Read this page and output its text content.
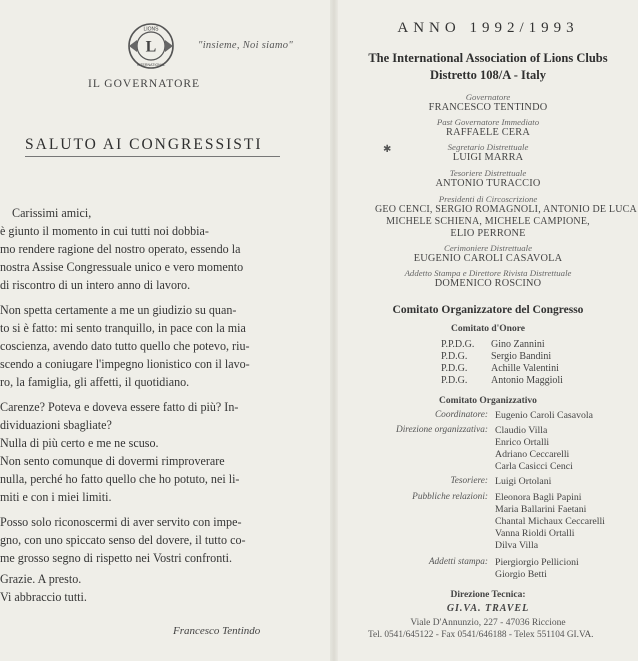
LIONS
INTERNATIONAL
L	"insieme, Noi siamo"
IL GOVERNATORE
SALUTO AI CONGRESSISTI
Carissimi amici,
è giunto il momento in cui tutti noi dobbia-
mo rendere ragione del nostro operato, essendo la
nostra Assise Congressuale unico e vero momento
di riscontro di un intero anno di lavoro.
Non spetta certamente a me un giudizio su quan-
to si è fatto: mi sento tranquillo, in pace con la mia
coscienza, avendo dato tutto quello che potevo, riu-
scendo a coniugare l'impegno lionistico con il lavo-
ro, la famiglia, gli affetti, il quotidiano.
Carenze? Poteva e doveva essere fatto di più? In-
dividuazioni sbagliate?
Nulla di più certo e me ne scuso.
Non sento comunque di dovermi rimproverare
nulla, perché ho fatto quello che ho potuto, nei li-
miti e con i miei limiti.
Posso solo riconoscermi di aver servito con impe-
gno, con uno spiccato senso del dovere, il tutto co-
me grosso segno di rispetto nei Vostri confronti.
Grazie. A presto.
Vi abbraccio tutti.
Francesco Tentindo
ANNO 1992/1993
The International Association of Lions Clubs
Distretto 108/A - Italy
Governatore
FRANCESCO TENTINDO
Past Governatore Immediato
RAFFAELE CERA
✱	Segretario Distrettuale
LUIGI MARRA
Tesoriere Distrettuale
ANTONIO TURACCIO
Presidenti di Circoscrizione
GEO CENCI, SERGIO ROMAGNOLI, ANTONIO DE LUCA
MICHELE SCHIENA, MICHELE CAMPIONE,
ELIO PERRONE
Cerimoniere Distrettuale
EUGENIO CAROLI CASAVOLA
Addetto Stampa e Direttore Rivista Distrettuale
DOMENICO ROSCINO
Comitato Organizzatore del Congresso
Comitato d'Onore
P.P.D.G. Gino Zannini
P.D.G. Sergio Bandini
P.D.G. Achille Valentini
P.D.G. Antonio Maggioli
Comitato Organizzativo
Coordinatore: Eugenio Caroli Casavola
Direzione organizzativa: Claudio Villa
Enrico Ortalli
Adriano Ceccarelli
Carla Casicci Cenci
Tesoriere: Luigi Ortolani
Pubbliche relazioni: Eleonora Bagli Papini
Maria Ballarini Faetani
Chantal Michaux Ceccarelli
Vanna Rioldi Ortalli
Dilva Villa
Addetti stampa: Piergiorgio Pellicioni
Giorgio Betti
Direzione Tecnica:
GI.VA. TRAVEL
Viale D'Annunzio, 227 - 47036 Riccione
Tel. 0541/645122 - Fax 0541/646188 - Telex 551104 GI.VA.
